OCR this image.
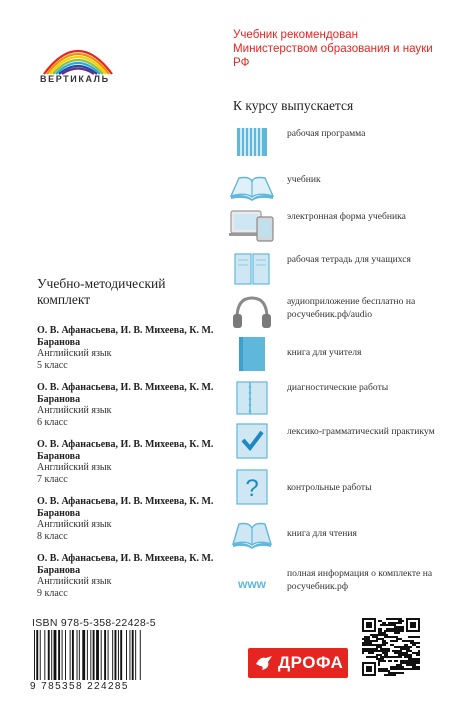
ВЕРТИКАЛЬ
Учебник рекомендован Министерством образования и науки РФ
К курсу выпускается
рабочая программа
учебник
электронная форма учебника
рабочая тетрадь для учащихся
аудиоприложение бесплатно на росучебник.рф/audio
книга для учителя
диагностические работы
лексико-грамматический практикум
?	контрольные работы
книга для чтения
www
полная информация о комплекте на росучебник.рф
Учебно-методический комплект
О. В. Афанасьева, И. В. Михеева, К. М. Баранова
Английский язык
5 класс
О. В. Афанасьева, И. В. Михеева, К. М. Баранова
Английский язык
6 класс
О. В. Афанасьева, И. В. Михеева, К. М. Баранова
Английский язык
7 класс
О. В. Афанасьева, И. В. Михеева, К. М. Баранова
Английский язык
8 класс
О. В. Афанасьева, И. В. Михеева, К. М. Баранова
Английский язык
9 класс
ISBN 978-5-358-22428-5
9 785358 224285
ДРОФА
